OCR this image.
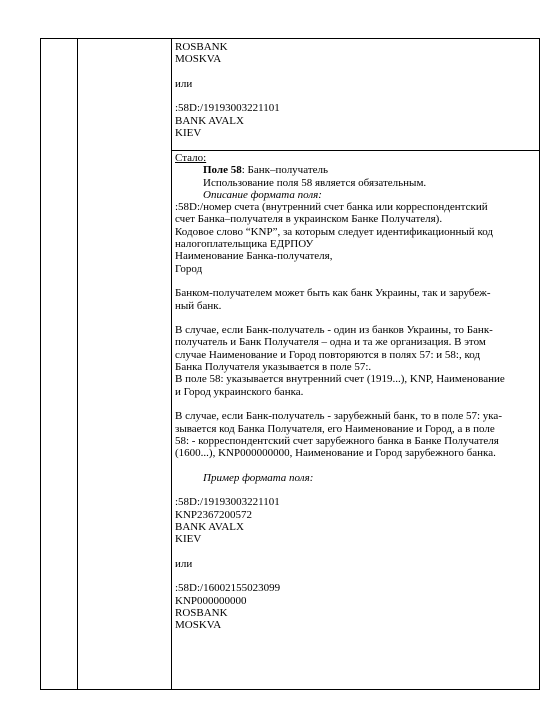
ROSBANK

MOSKVA

или

:58D:/19193003221101

BANK AVALX

KIEV

Стало:

Поле 58: Банк–получатель

Использование поля 58 является обязательным.

Описание формата поля:

:58D:/номер счета (внутренний счет банка или корреспондентский

счет Банка–получателя в украинском Банке Получателя).

Кодовое слово “KNP”, за которым следует идентификационный код

налогоплательщика ЕДРПОУ

Наименование Банка-получателя,

Город

Банком-получателем может быть как банк Украины, так и зарубеж-

ный банк.

В случае, если Банк-получатель - один из банков Украины, то Банк-

получатель и Банк Получателя – одна и та же организация. В этом

случае Наименование и Город повторяются в полях 57: и 58:, код

Банка Получателя указывается в поле 57:.

В поле 58: указывается внутренний счет (1919...), KNP, Наименование

и Город украинского банка.

В случае, если Банк-получатель - зарубежный банк, то в поле 57: ука-

зывается код Банка Получателя, его Наименование и Город, а в поле

58: - корреспондентский счет зарубежного банка в Банке Получателя

(1600...), KNP000000000, Наименование и Город зарубежного банка.

Пример формата поля:

:58D:/19193003221101

KNP2367200572

BANK AVALX

KIEV

или

:58D:/16002155023099

KNP000000000

ROSBANK

MOSKVA
